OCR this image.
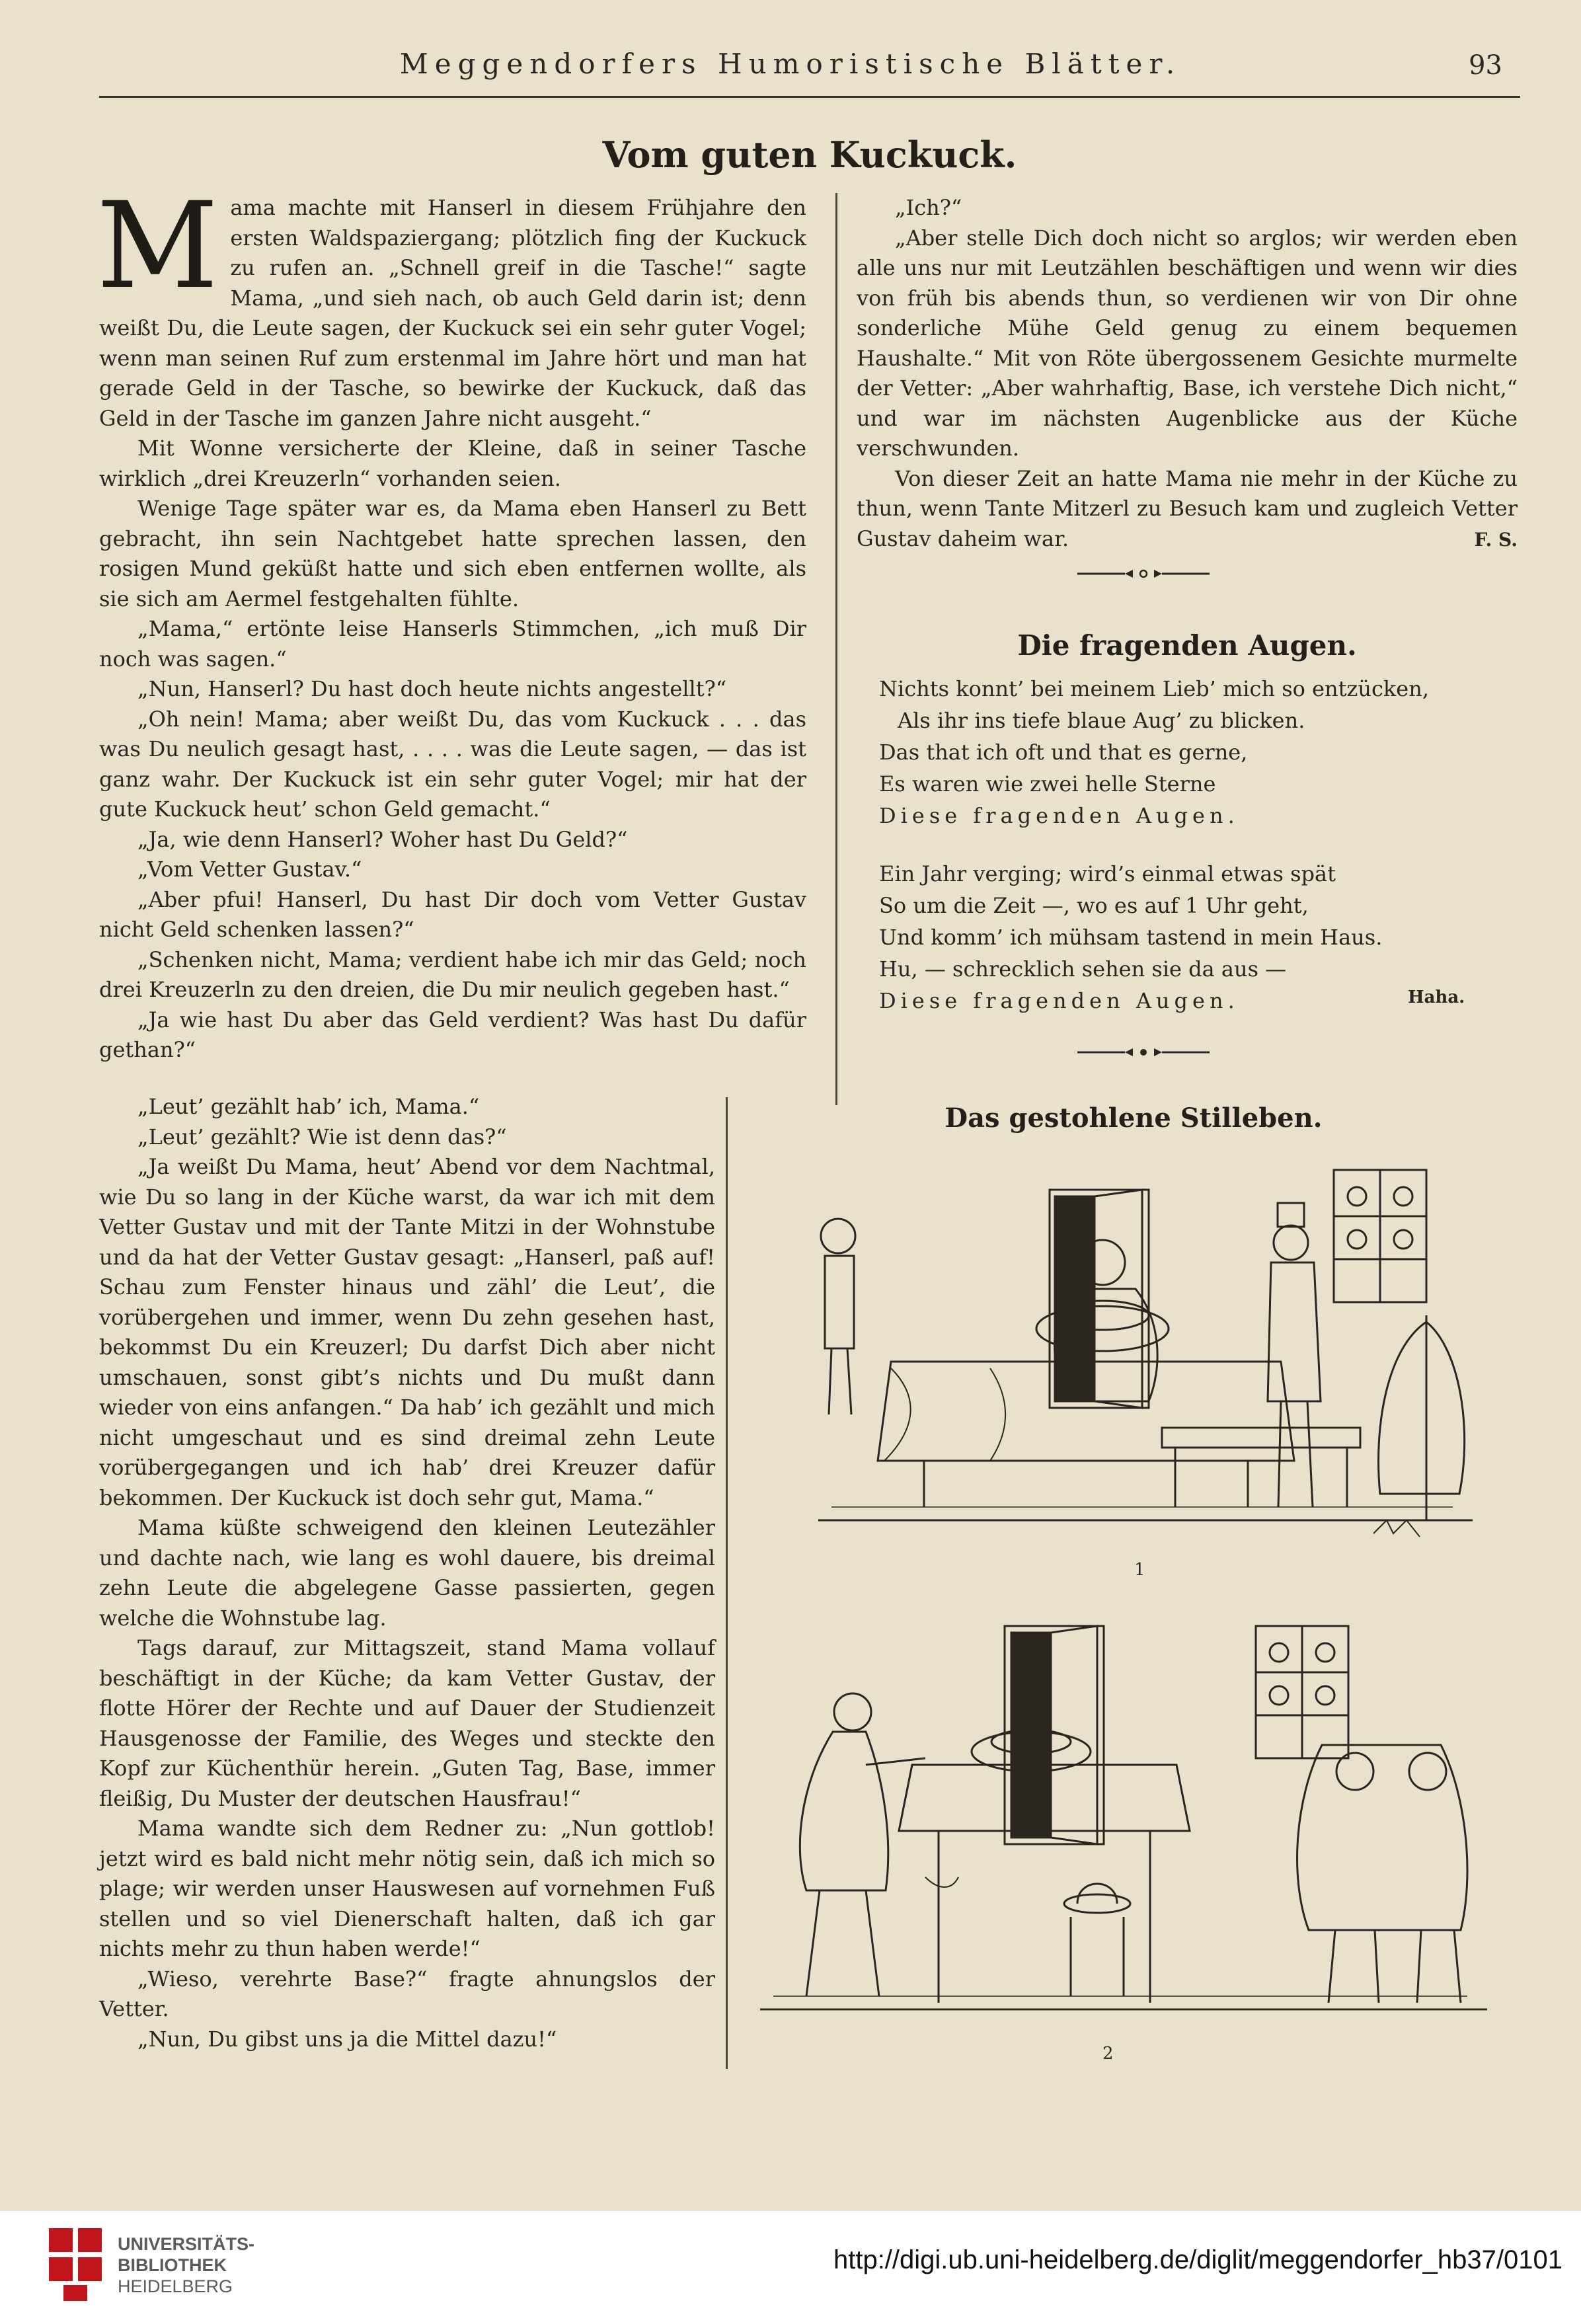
Meggendorfers Humoristische Blätter.	93
Vom guten Kuckuck.

Mama machte mit Hanserl in diesem Frühjahre den ersten Waldspaziergang; plötzlich fing der Kuckuck zu rufen an. „Schnell greif in die Tasche!“ sagte Mama, „und sieh nach, ob auch Geld darin ist; denn weißt Du, die Leute sagen, der Kuckuck sei ein sehr guter Vogel; wenn man seinen Ruf zum erstenmal im Jahre hört und man hat gerade Geld in der Tasche, so bewirke der Kuckuck, daß das Geld in der Tasche im ganzen Jahre nicht ausgeht.“

Mit Wonne versicherte der Kleine, daß in seiner Tasche wirklich „drei Kreuzerln“ vorhanden seien.

Wenige Tage später war es, da Mama eben Hanserl zu Bett gebracht, ihn sein Nachtgebet hatte sprechen lassen, den rosigen Mund geküßt hatte und sich eben entfernen wollte, als sie sich am Aermel festgehalten fühlte.

„Mama,“ ertönte leise Hanserls Stimmchen, „ich muß Dir noch was sagen.“

„Nun, Hanserl? Du hast doch heute nichts angestellt?“

„Oh nein! Mama; aber weißt Du, das vom Kuckuck . . . das was Du neulich gesagt hast, . . . . was die Leute sagen, — das ist ganz wahr. Der Kuckuck ist ein sehr guter Vogel; mir hat der gute Kuckuck heut’ schon Geld gemacht.“

„Ja, wie denn Hanserl? Woher hast Du Geld?“

„Vom Vetter Gustav.“

„Aber pfui! Hanserl, Du hast Dir doch vom Vetter Gustav nicht Geld schenken lassen?“

„Schenken nicht, Mama; verdient habe ich mir das Geld; noch drei Kreuzerln zu den dreien, die Du mir neulich gegeben hast.“

„Ja wie hast Du aber das Geld verdient? Was hast Du dafür gethan?“

„Leut’ gezählt hab’ ich, Mama.“

„Leut’ gezählt? Wie ist denn das?“

„Ja weißt Du Mama, heut’ Abend vor dem Nachtmal, wie Du so lang in der Küche warst, da war ich mit dem Vetter Gustav und mit der Tante Mitzi in der Wohnstube und da hat der Vetter Gustav gesagt: „Hanserl, paß auf! Schau zum Fenster hinaus und zähl’ die Leut’, die vorübergehen und immer, wenn Du zehn gesehen hast, bekommst Du ein Kreuzerl; Du darfst Dich aber nicht umschauen, sonst gibt’s nichts und Du mußt dann wieder von eins anfangen.“ Da hab’ ich gezählt und mich nicht umgeschaut und es sind dreimal zehn Leute vorübergegangen und ich hab’ drei Kreuzer dafür bekommen. Der Kuckuck ist doch sehr gut, Mama.“

Mama küßte schweigend den kleinen Leutezähler und dachte nach, wie lang es wohl dauere, bis dreimal zehn Leute die abgelegene Gasse passierten, gegen welche die Wohnstube lag.

Tags darauf, zur Mittagszeit, stand Mama vollauf beschäftigt in der Küche; da kam Vetter Gustav, der flotte Hörer der Rechte und auf Dauer der Studienzeit Hausgenosse der Familie, des Weges und steckte den Kopf zur Küchenthür herein. „Guten Tag, Base, immer fleißig, Du Muster der deutschen Hausfrau!“

Mama wandte sich dem Redner zu: „Nun gottlob! jetzt wird es bald nicht mehr nötig sein, daß ich mich so plage; wir werden unser Hauswesen auf vornehmen Fuß stellen und so viel Dienerschaft halten, daß ich gar nichts mehr zu thun haben werde!“

„Wieso, verehrte Base?“ fragte ahnungslos der Vetter.

„Nun, Du gibst uns ja die Mittel dazu!“

„Ich?“

„Aber stelle Dich doch nicht so arglos; wir werden eben alle uns nur mit Leutzählen beschäftigen und wenn wir dies von früh bis abends thun, so verdienen wir von Dir ohne sonderliche Mühe Geld genug zu einem bequemen Haushalte.“ Mit von Röte übergossenem Gesichte murmelte der Vetter: „Aber wahrhaftig, Base, ich verstehe Dich nicht,“ und war im nächsten Augenblicke aus der Küche verschwunden.

Von dieser Zeit an hatte Mama nie mehr in der Küche zu thun, wenn Tante Mitzerl zu Besuch kam und zugleich Vetter Gustav daheim war.	F. S.

Die fragenden Augen.
Nichts konnt’ bei meinem Lieb’ mich so entzücken,
Als ihr ins tiefe blaue Aug’ zu blicken.
Das that ich oft und that es gerne,
Es waren wie zwei helle Sterne
Diese fragenden Augen.
Ein Jahr verging; wird’s einmal etwas spät
So um die Zeit —, wo es auf 1 Uhr geht,
Und komm’ ich mühsam tastend in mein Haus.
Hu, — schrecklich sehen sie da aus —
Diese fragenden Augen.	Haha.
Das gestohlene Stilleben.
1
2
UNIVERSITÄTS-
BIBLIOTHEK
HEIDELBERG
http://digi.ub.uni-heidelberg.de/diglit/meggendorfer_hb37/0101
